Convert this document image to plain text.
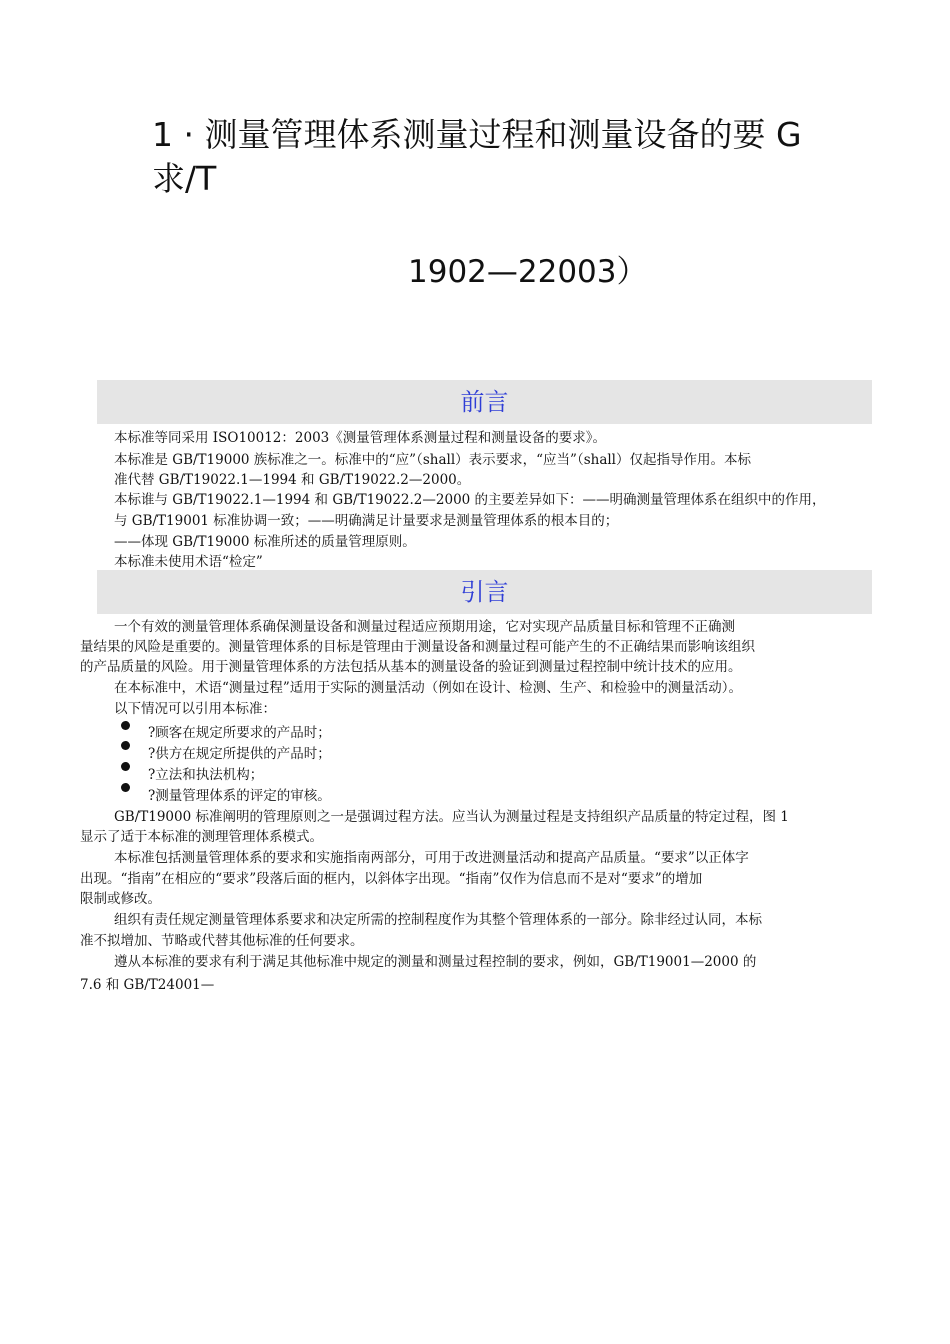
1 · 测量管理体系测量过程和测量设备的要 G
求/T
1902—22003）
前言

本标准等同采用 ISO10012：2003《测量管理体系测量过程和测量设备的要求》。

本标准是 GB/T19000 族标准之一。标准中的“应”（shall）表示要求，“应当”（shall）仅起指导作用。本标

准代替 GB/T19022.1—1994 和 GB/T19022.2—2000。

本标谁与 GB/T19022.1—1994 和 GB/T19022.2—2000 的主要差异如下：——明确测量管理体系在组织中的作用，

与 GB/T19001 标准协调一致；——明确满足计量要求是测量管理体系的根本目的；

——体现 GB/T19000 标准所述的质量管理原则。

本标准未使用术语“检定”

引言

一个有效的测量管理体系确保测量设备和测量过程适应预期用途，它对实现产品质量目标和管理不正确测

量结果的风险是重要的。测量管理体系的目标是管理由于测量设备和测量过程可能产生的不正确结果而影响该组织

的产品质量的风险。用于测量管理体系的方法包括从基本的测量设备的验证到测量过程控制中统计技术的应用。

在本标准中，术语“测量过程”适用于实际的测量活动（例如在设计、检测、生产、和检验中的测量活动）。

以下情况可以引用本标准：

?顾客在规定所要求的产品时；

?供方在规定所提供的产品时；

?立法和执法机构；

?测量管理体系的评定的审核。

GB/T19000 标准阐明的管理原则之一是强调过程方法。应当认为测量过程是支持组织产品质量的特定过程，图 1

显示了适于本标准的测理管理体系模式。

本标准包括测量管理体系的要求和实施指南两部分，可用于改进测量活动和提高产品质量。“要求”以正体字

出现。“指南”在相应的“要求”段落后面的框内，以斜体字出现。“指南”仅作为信息而不是对“要求”的增加

限制或修改。

组织有责任规定测量管理体系要求和决定所需的控制程度作为其整个管理体系的一部分。除非经过认同，本标

准不拟增加、节略或代替其他标准的任何要求。

遵从本标准的要求有利于满足其他标准中规定的测量和测量过程控制的要求，例如，GB/T19001—2000 的

7.6 和 GB/T24001—
